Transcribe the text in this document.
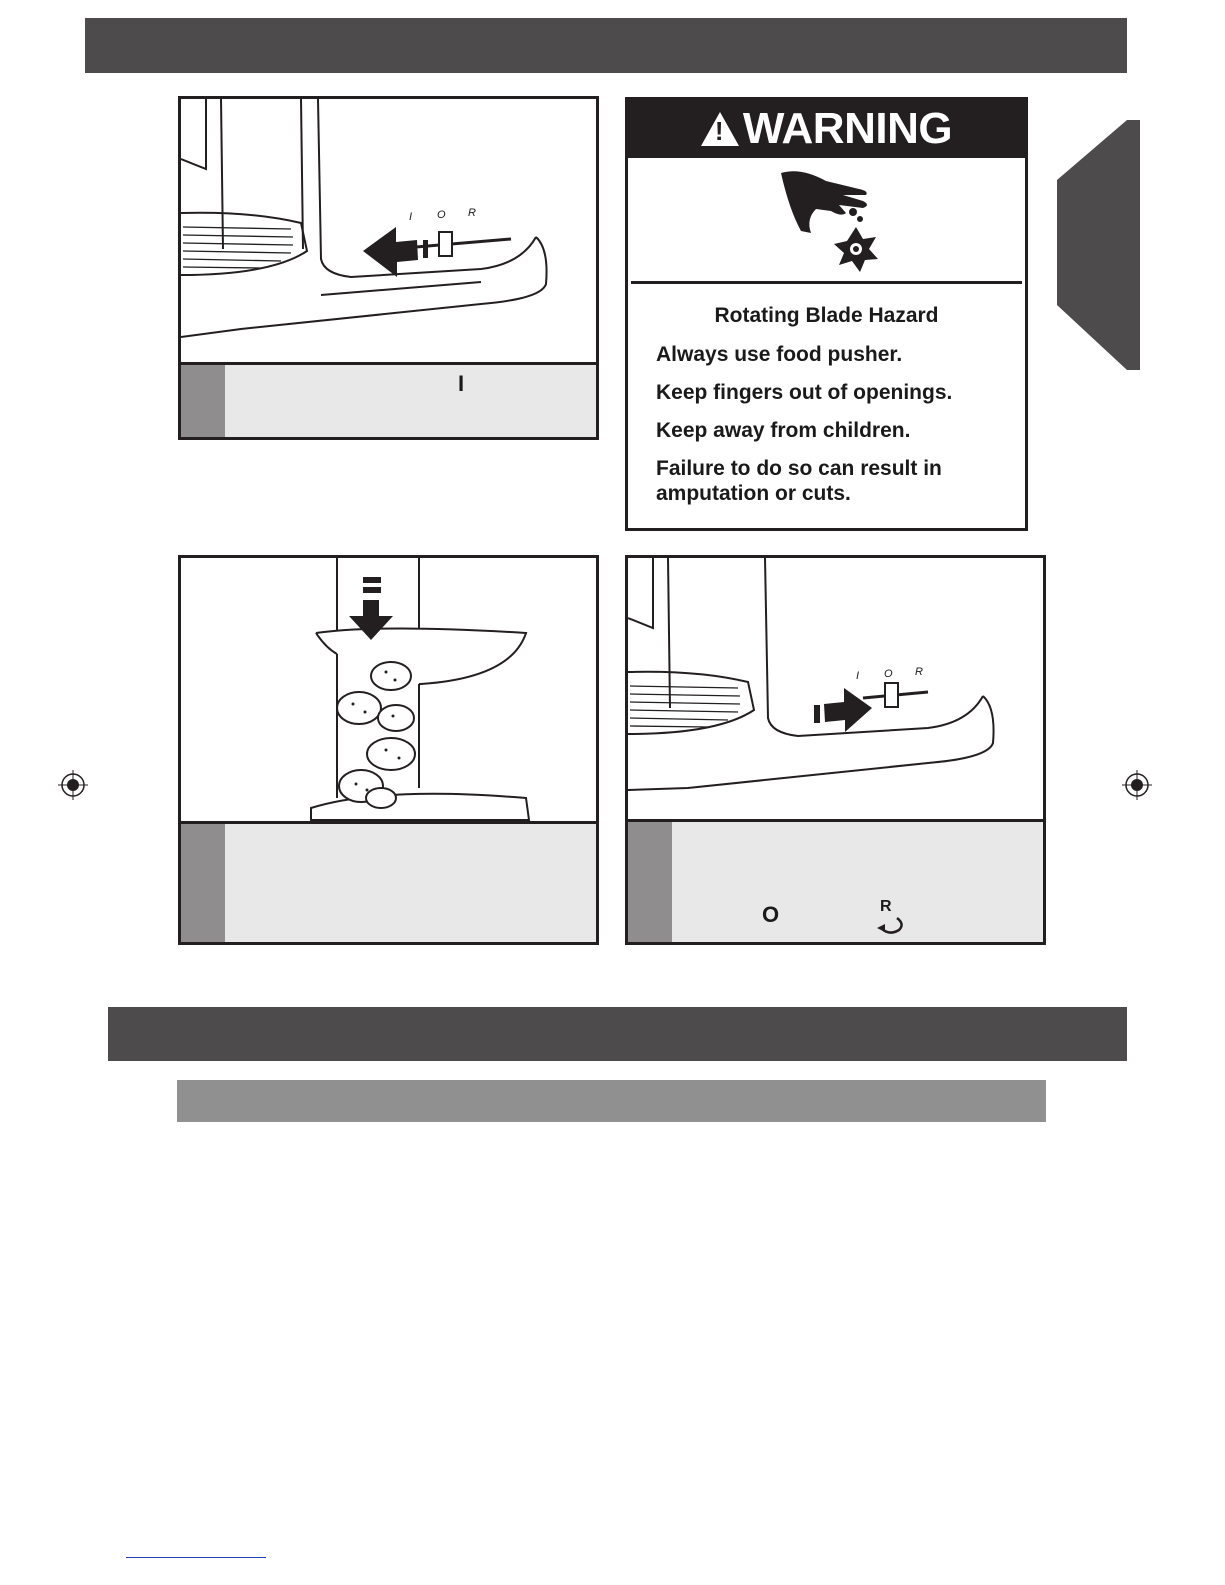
I O R
I
!
WARNING
Rotating Blade Hazard
Always use food pusher.
Keep fingers out of openings.
Keep away from children.
Failure to do so can result in amputation or cuts.
I O R
O	R
